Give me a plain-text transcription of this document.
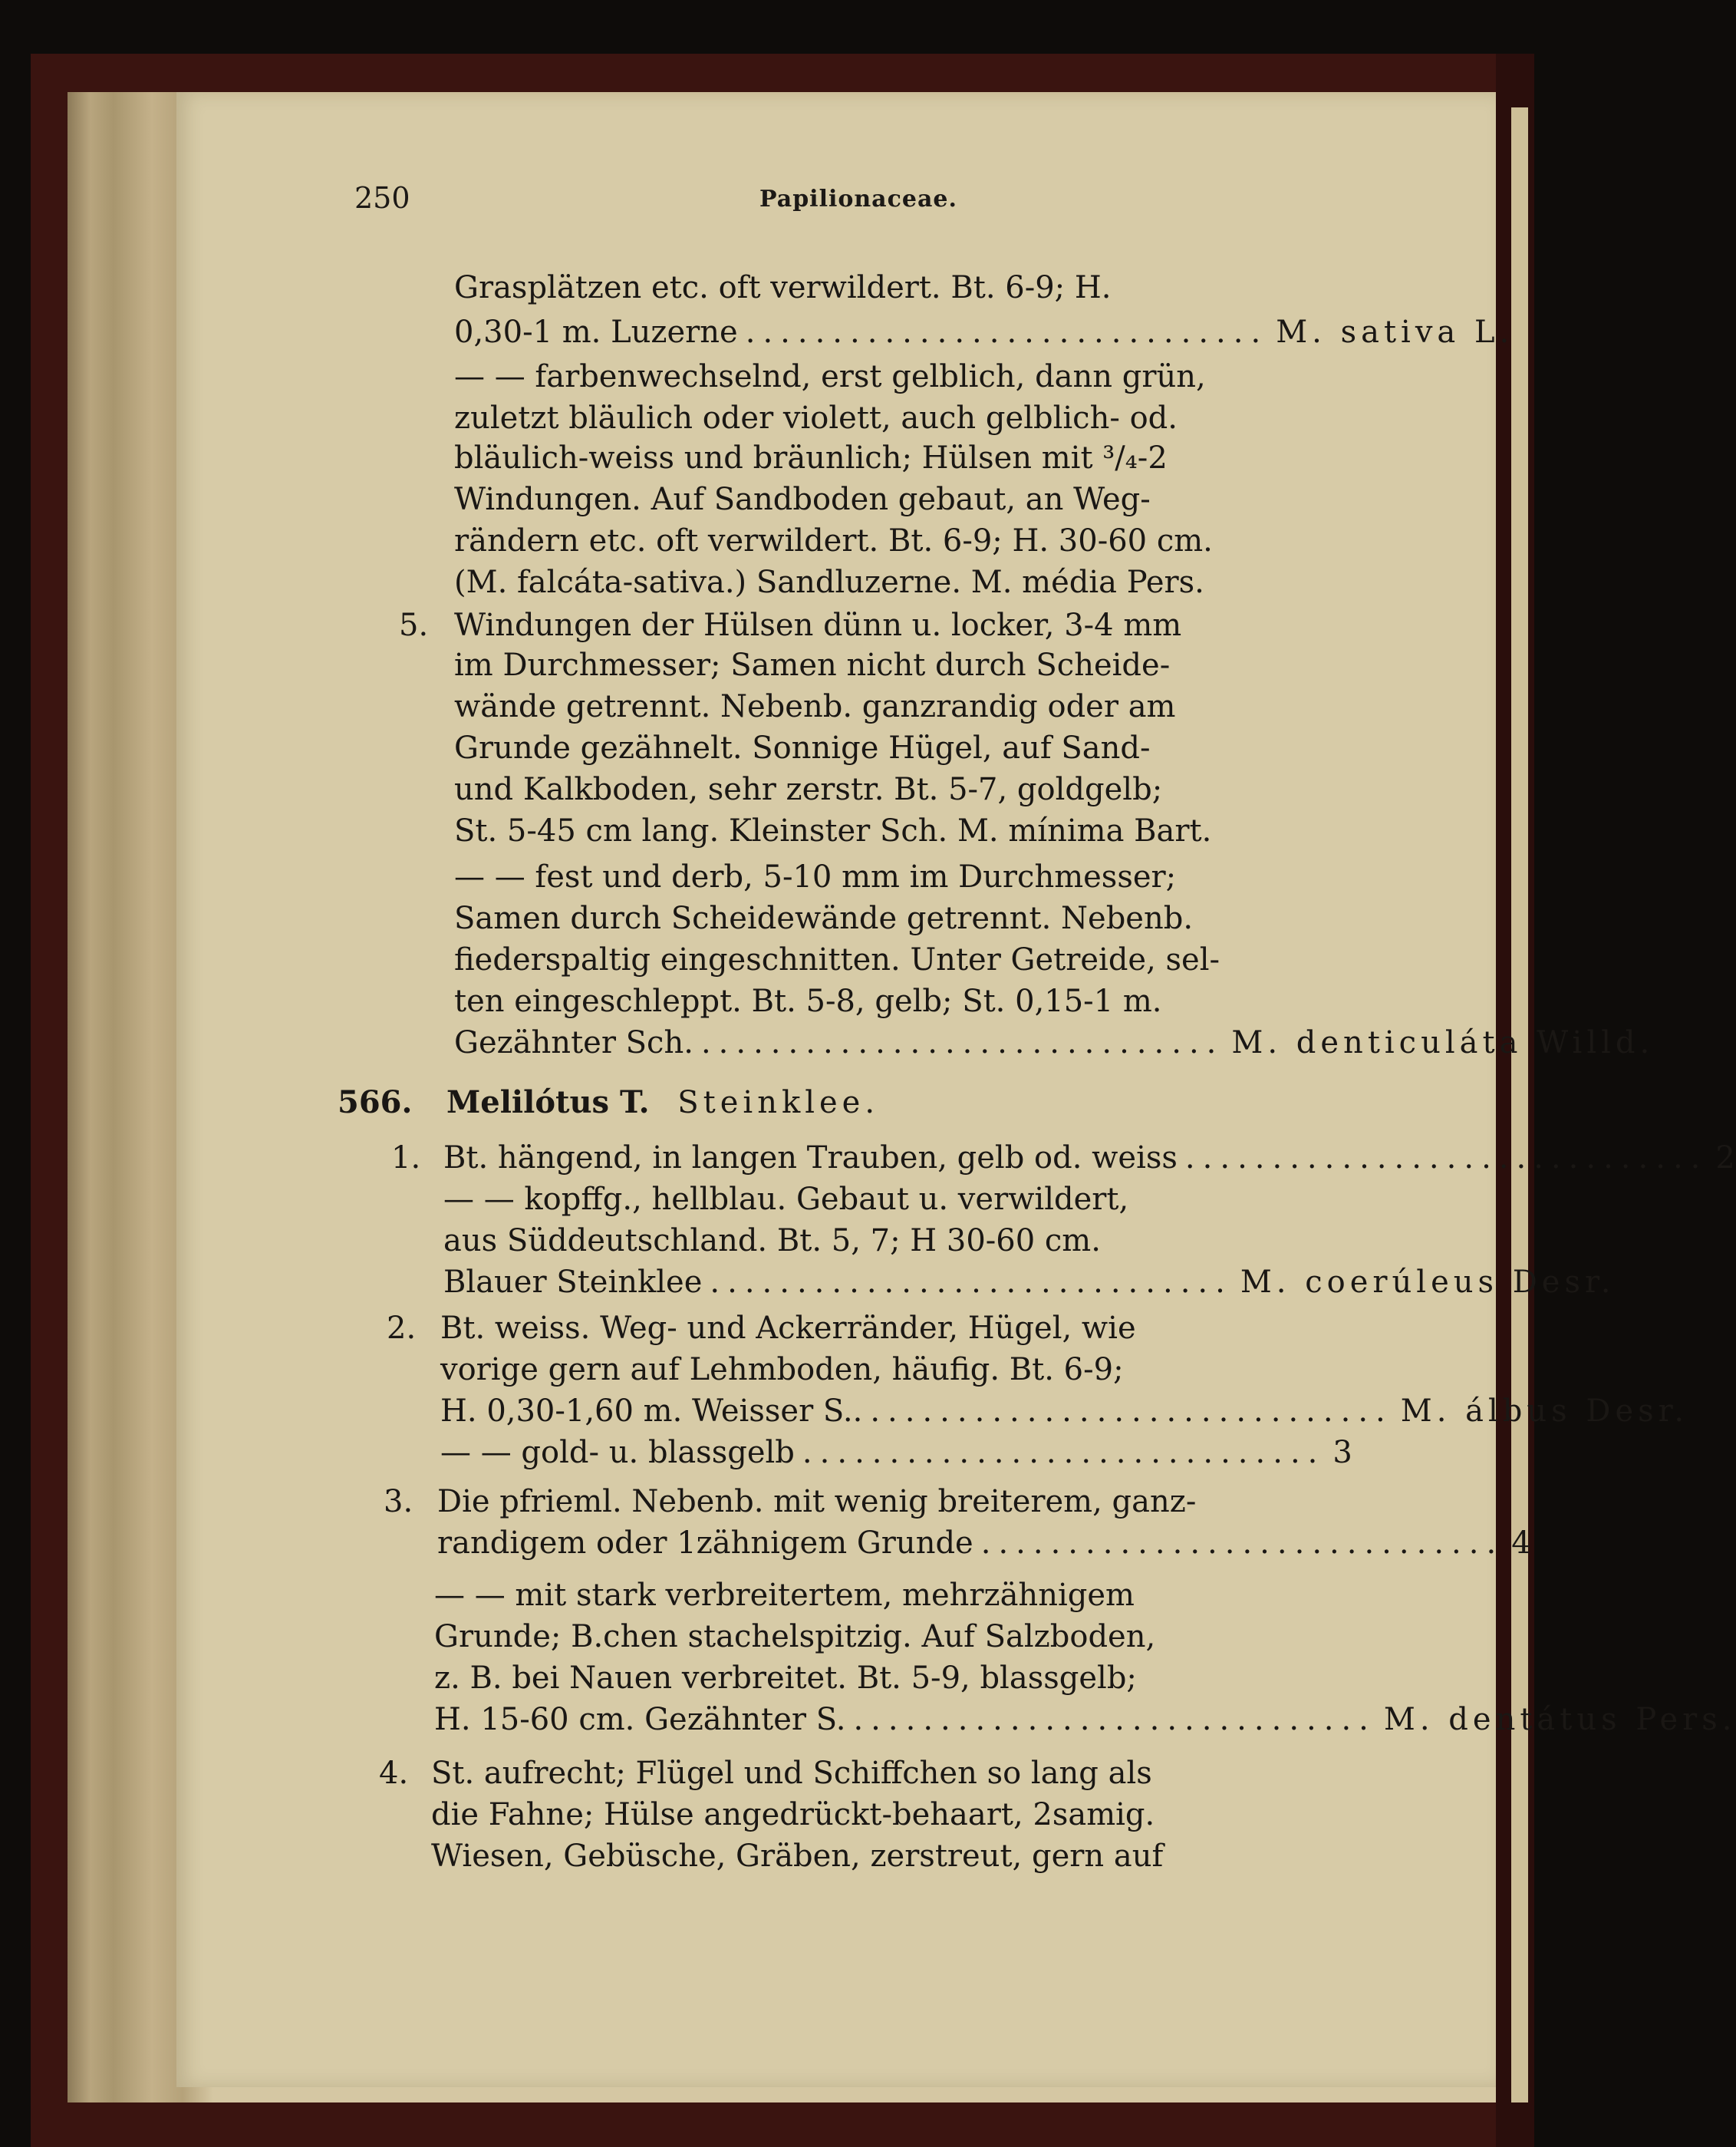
250	Papilionaceae.
Grasplätzen etc. oft verwildert. Bt. 6-9; H.
0,30-1 m. Luzerne .............................. M. sativa L.
— — farbenwechselnd, erst gelblich, dann grün,
zuletzt bläulich oder violett, auch gelblich- od.
bläulich-weiss und bräunlich; Hülsen mit ³/₄-2
Windungen. Auf Sandboden gebaut, an Weg-
rändern etc. oft verwildert. Bt. 6-9; H. 30-60 cm.
(M. falcáta-sativa.) Sandluzerne. M. média Pers.
5. Windungen der Hülsen dünn u. locker, 3-4 mm
im Durchmesser; Samen nicht durch Scheide-
wände getrennt. Nebenb. ganzrandig oder am
Grunde gezähnelt. Sonnige Hügel, auf Sand-
und Kalkboden, sehr zerstr. Bt. 5-7, goldgelb;
St. 5-45 cm lang. Kleinster Sch. M. mínima Bart.
— — fest und derb, 5-10 mm im Durchmesser;
Samen durch Scheidewände getrennt. Nebenb.
fiederspaltig eingeschnitten. Unter Getreide, sel-
ten eingeschleppt. Bt. 5-8, gelb; St. 0,15-1 m.
Gezähnter Sch. .............................. M. denticuláta Willd.
566. Melilótus T. Steinklee.
1. Bt. hängend, in langen Trauben, gelb od. weiss .............................. 2
— — kopffg., hellblau. Gebaut u. verwildert,
aus Süddeutschland. Bt. 5, 7; H 30-60 cm.
Blauer Steinklee .............................. M. coerúleus Desr.
2. Bt. weiss. Weg- und Ackerränder, Hügel, wie
vorige gern auf Lehmboden, häufig. Bt. 6-9;
H. 0,30-1,60 m. Weisser S.. .............................. M. álbus Desr.
— — gold- u. blassgelb .............................. 3
3. Die pfrieml. Nebenb. mit wenig breiterem, ganz-
randigem oder 1zähnigem Grunde .............................. 4
— — mit stark verbreitertem, mehrzähnigem
Grunde; B.chen stachelspitzig. Auf Salzboden,
z. B. bei Nauen verbreitet. Bt. 5-9, blassgelb;
H. 15-60 cm. Gezähnter S. .............................. M. dentátus Pers.
4. St. aufrecht; Flügel und Schiffchen so lang als
die Fahne; Hülse angedrückt-behaart, 2samig.
Wiesen, Gebüsche, Gräben, zerstreut, gern auf
